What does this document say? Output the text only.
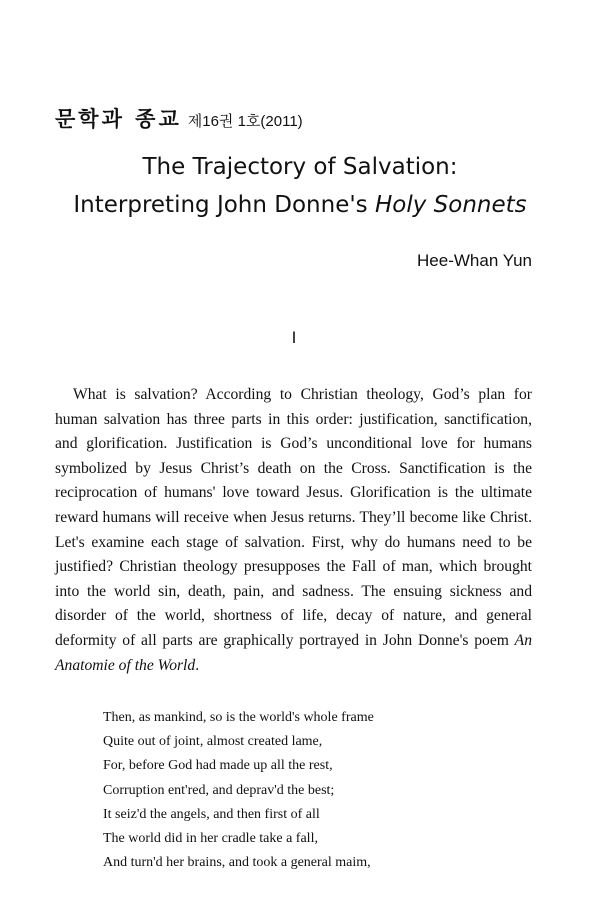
문학과 종교 제16권 1호(2011)
The Trajectory of Salvation:
Interpreting John Donne's Holy Sonnets
Hee-Whan Yun
I

What is salvation? According to Christian theology, God’s plan for human salvation has three parts in this order: justification, sanctification, and glorification. Justification is God’s unconditional love for humans symbolized by Jesus Christ’s death on the Cross. Sanctification is the reciprocation of humans' love toward Jesus. Glorification is the ultimate reward humans will receive when Jesus returns. They’ll become like Christ. Let's examine each stage of salvation. First, why do humans need to be justified? Christian theology presupposes the Fall of man, which brought into the world sin, death, pain, and sadness. The ensuing sickness and disorder of the world, shortness of life, decay of nature, and general deformity of all parts are graphically portrayed in John Donne's poem An Anatomie of the World.

Then, as mankind, so is the world's whole frame
Quite out of joint, almost created lame,
For, before God had made up all the rest,
Corruption ent'red, and deprav'd the best;
It seiz'd the angels, and then first of all
The world did in her cradle take a fall,
And turn'd her brains, and took a general maim,
